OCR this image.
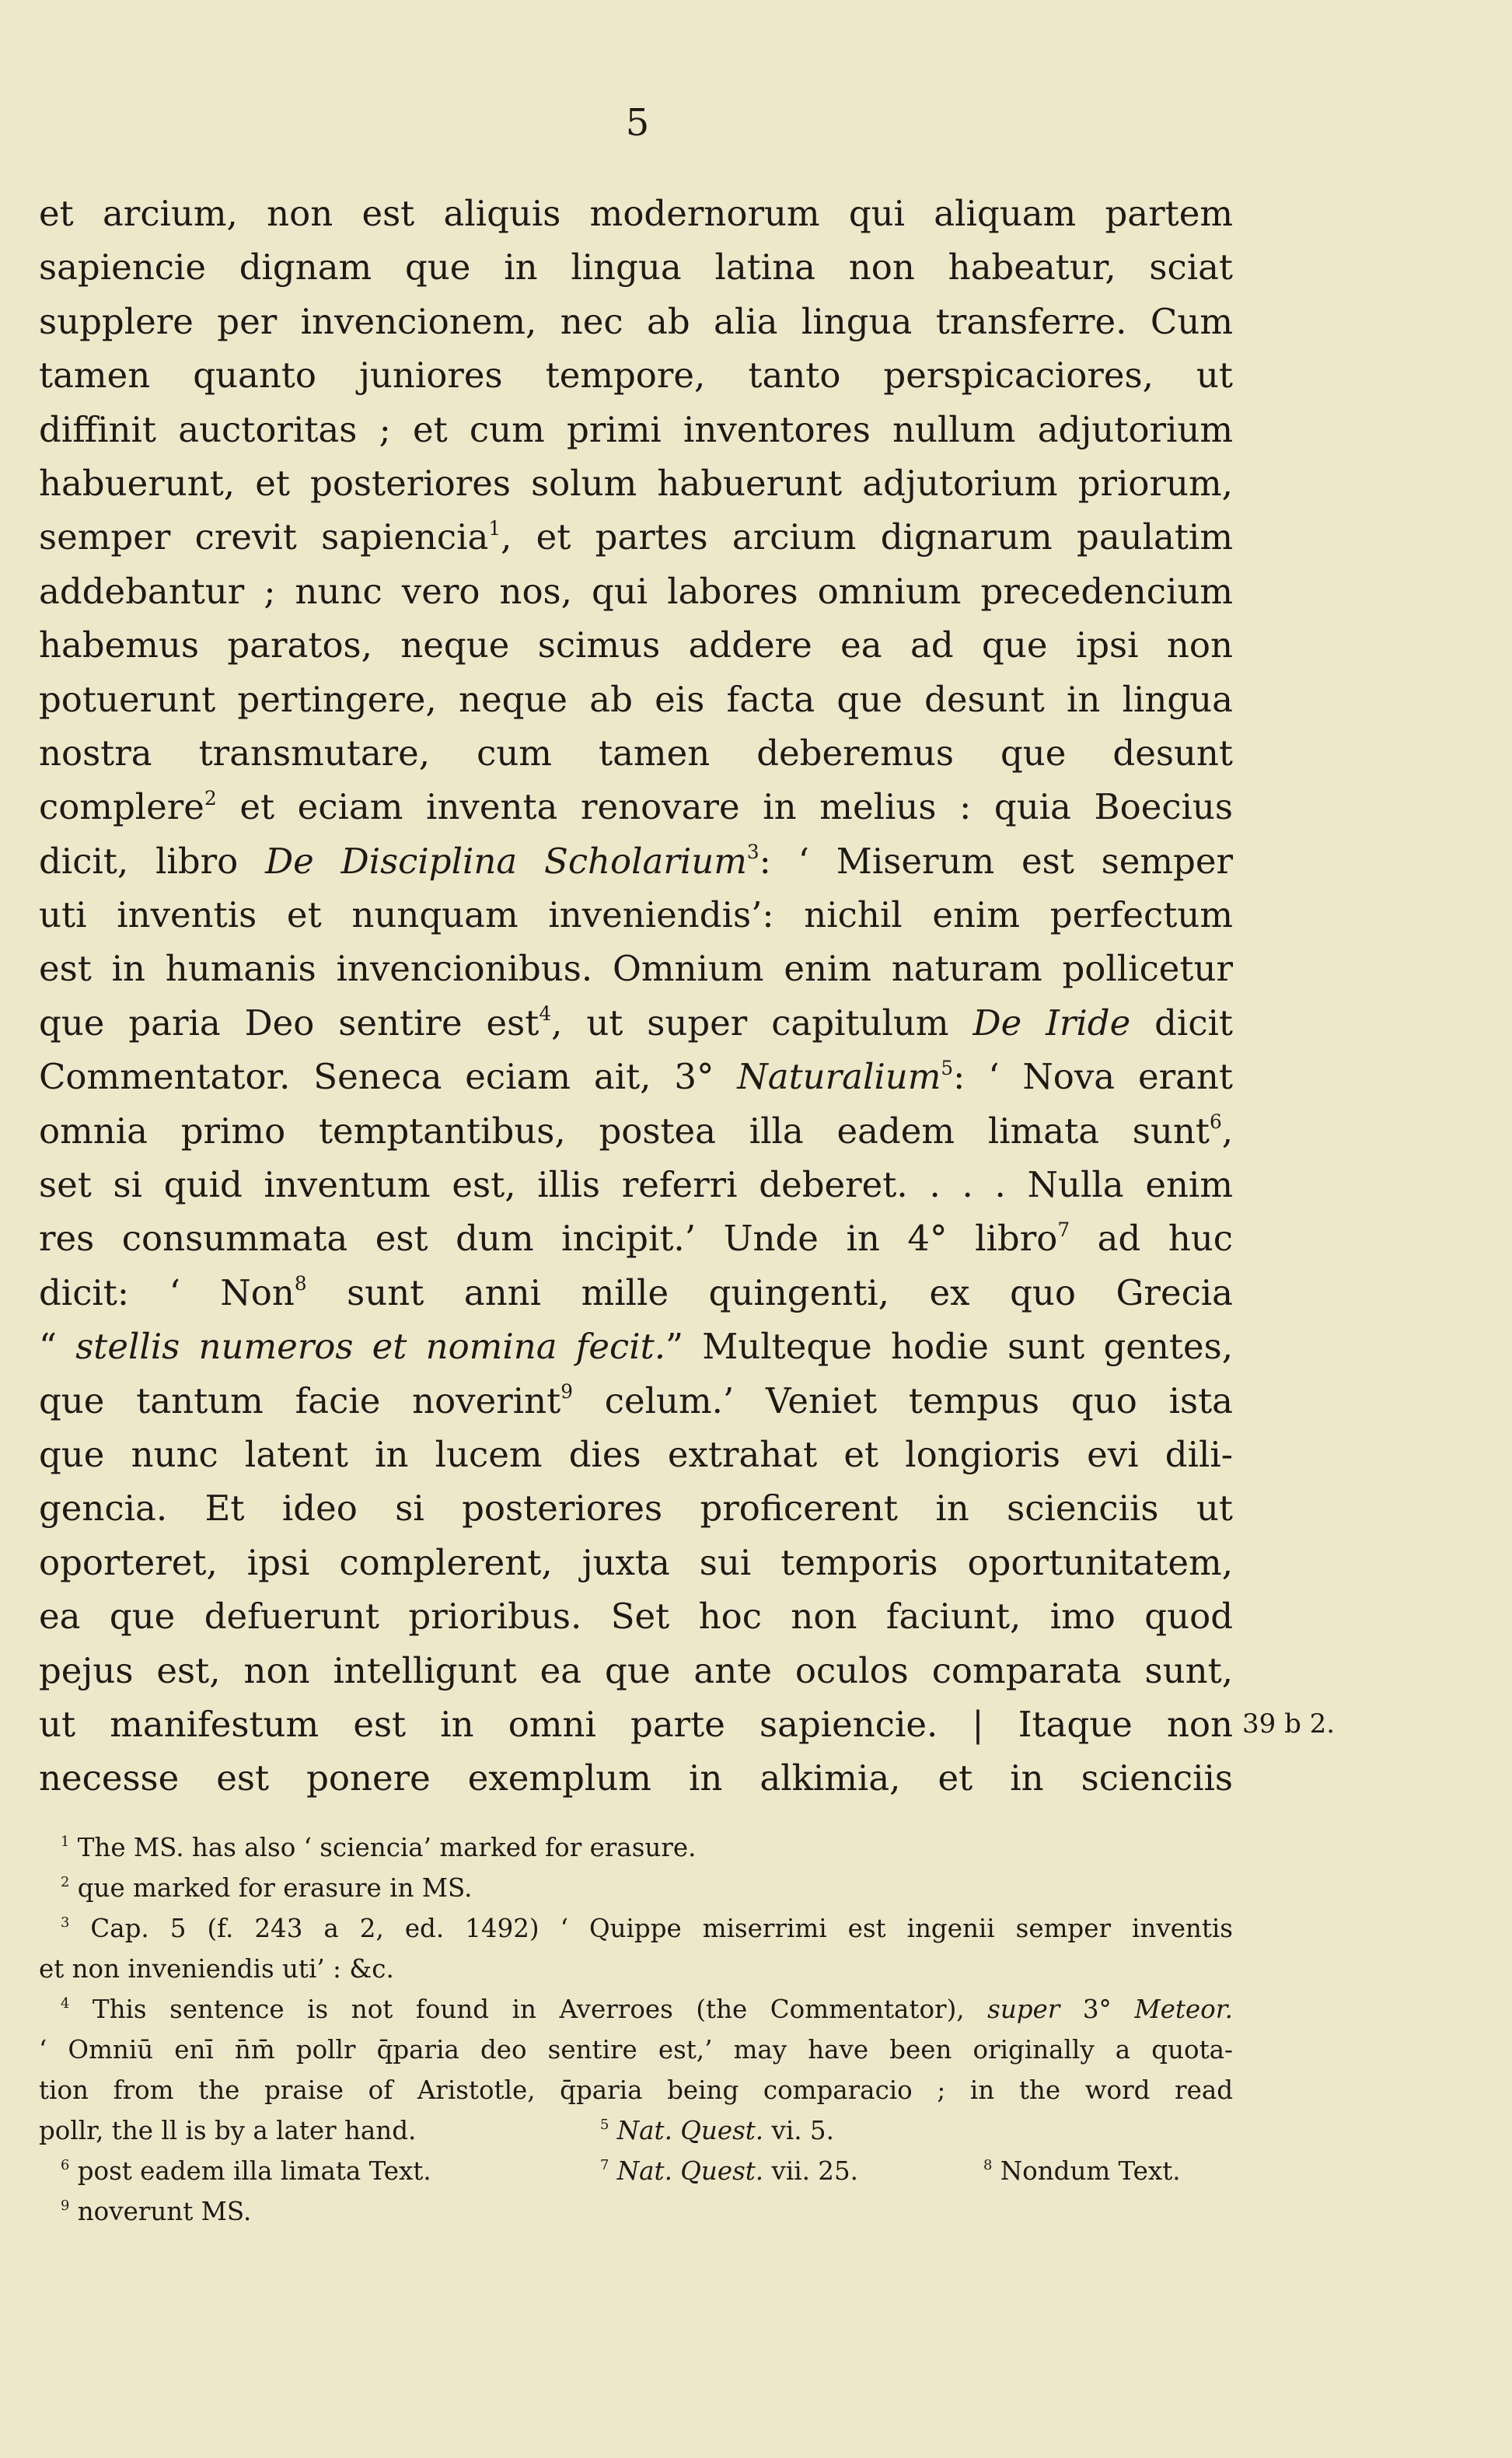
5
et arcium, non est aliquis modernorum qui aliquam partem
sapiencie dignam que in lingua latina non habeatur, sciat
supplere per invencionem, nec ab alia lingua transferre. Cum
tamen quanto juniores tempore, tanto perspicaciores, ut
diffinit auctoritas ; et cum primi inventores nullum adjutorium
habuerunt, et posteriores solum habuerunt adjutorium priorum,
semper crevit sapiencia$^1$, et partes arcium dignarum paulatim
addebantur ; nunc vero nos, qui labores omnium precedencium
habemus paratos, neque scimus addere ea ad que ipsi non
potuerunt pertingere, neque ab eis facta que desunt in lingua
nostra transmutare, cum tamen deberemus que desunt
complere$^2$ et eciam inventa renovare in melius : quia Boecius
dicit, libro De Disciplina Scholarium$^3$: ‘ Miserum est semper
uti inventis et nunquam inveniendis’: nichil enim perfectum
est in humanis invencionibus. Omnium enim naturam pollicetur
que paria Deo sentire est$^4$, ut super capitulum De Iride dicit
Commentator. Seneca eciam ait, 3° Naturalium$^5$: ‘ Nova erant
omnia primo temptantibus, postea illa eadem limata sunt$^6$,
set si quid inventum est, illis referri deberet. . . . Nulla enim
res consummata est dum incipit.’ Unde in 4° libro$^7$ ad huc
dicit: ‘ Non$^8$ sunt anni mille quingenti, ex quo Grecia
“ stellis numeros et nomina fecit.” Multeque hodie sunt gentes,
que tantum facie noverint$^9$ celum.’ Veniet tempus quo ista
que nunc latent in lucem dies extrahat et longioris evi dili-
gencia. Et ideo si posteriores proficerent in scienciis ut
oporteret, ipsi complerent, juxta sui temporis oportunitatem,
ea que defuerunt prioribus. Set hoc non faciunt, imo quod
pejus est, non intelligunt ea que ante oculos comparata sunt,
ut manifestum est in omni parte sapiencie. | Itaque non
necesse est ponere exemplum in alkimia, et in scienciis
39 b 2.
$^1$ The MS. has also ‘ sciencia’ marked for erasure.
$^2$ que marked for erasure in MS.
$^3$ Cap. 5 (f. 243 a 2, ed. 1492) ‘ Quippe miserrimi est ingenii semper inventis
et non inveniendis uti’ : &c.
$^4$ This sentence is not found in Averroes (the Commentator), super 3° Meteor.
‘ Omniū enī n̄m̄ pollr q̄paria deo sentire est,’ may have been originally a quota-
tion from the praise of Aristotle, q̄paria being comparacio ; in the word read
pollr, the ll is by a later hand.	$^5$ Nat. Quest. vi. 5.
$^6$ post eadem illa limata Text.	$^7$ Nat. Quest. vii. 25.	$^8$ Nondum Text.
$^9$ noverunt MS.
